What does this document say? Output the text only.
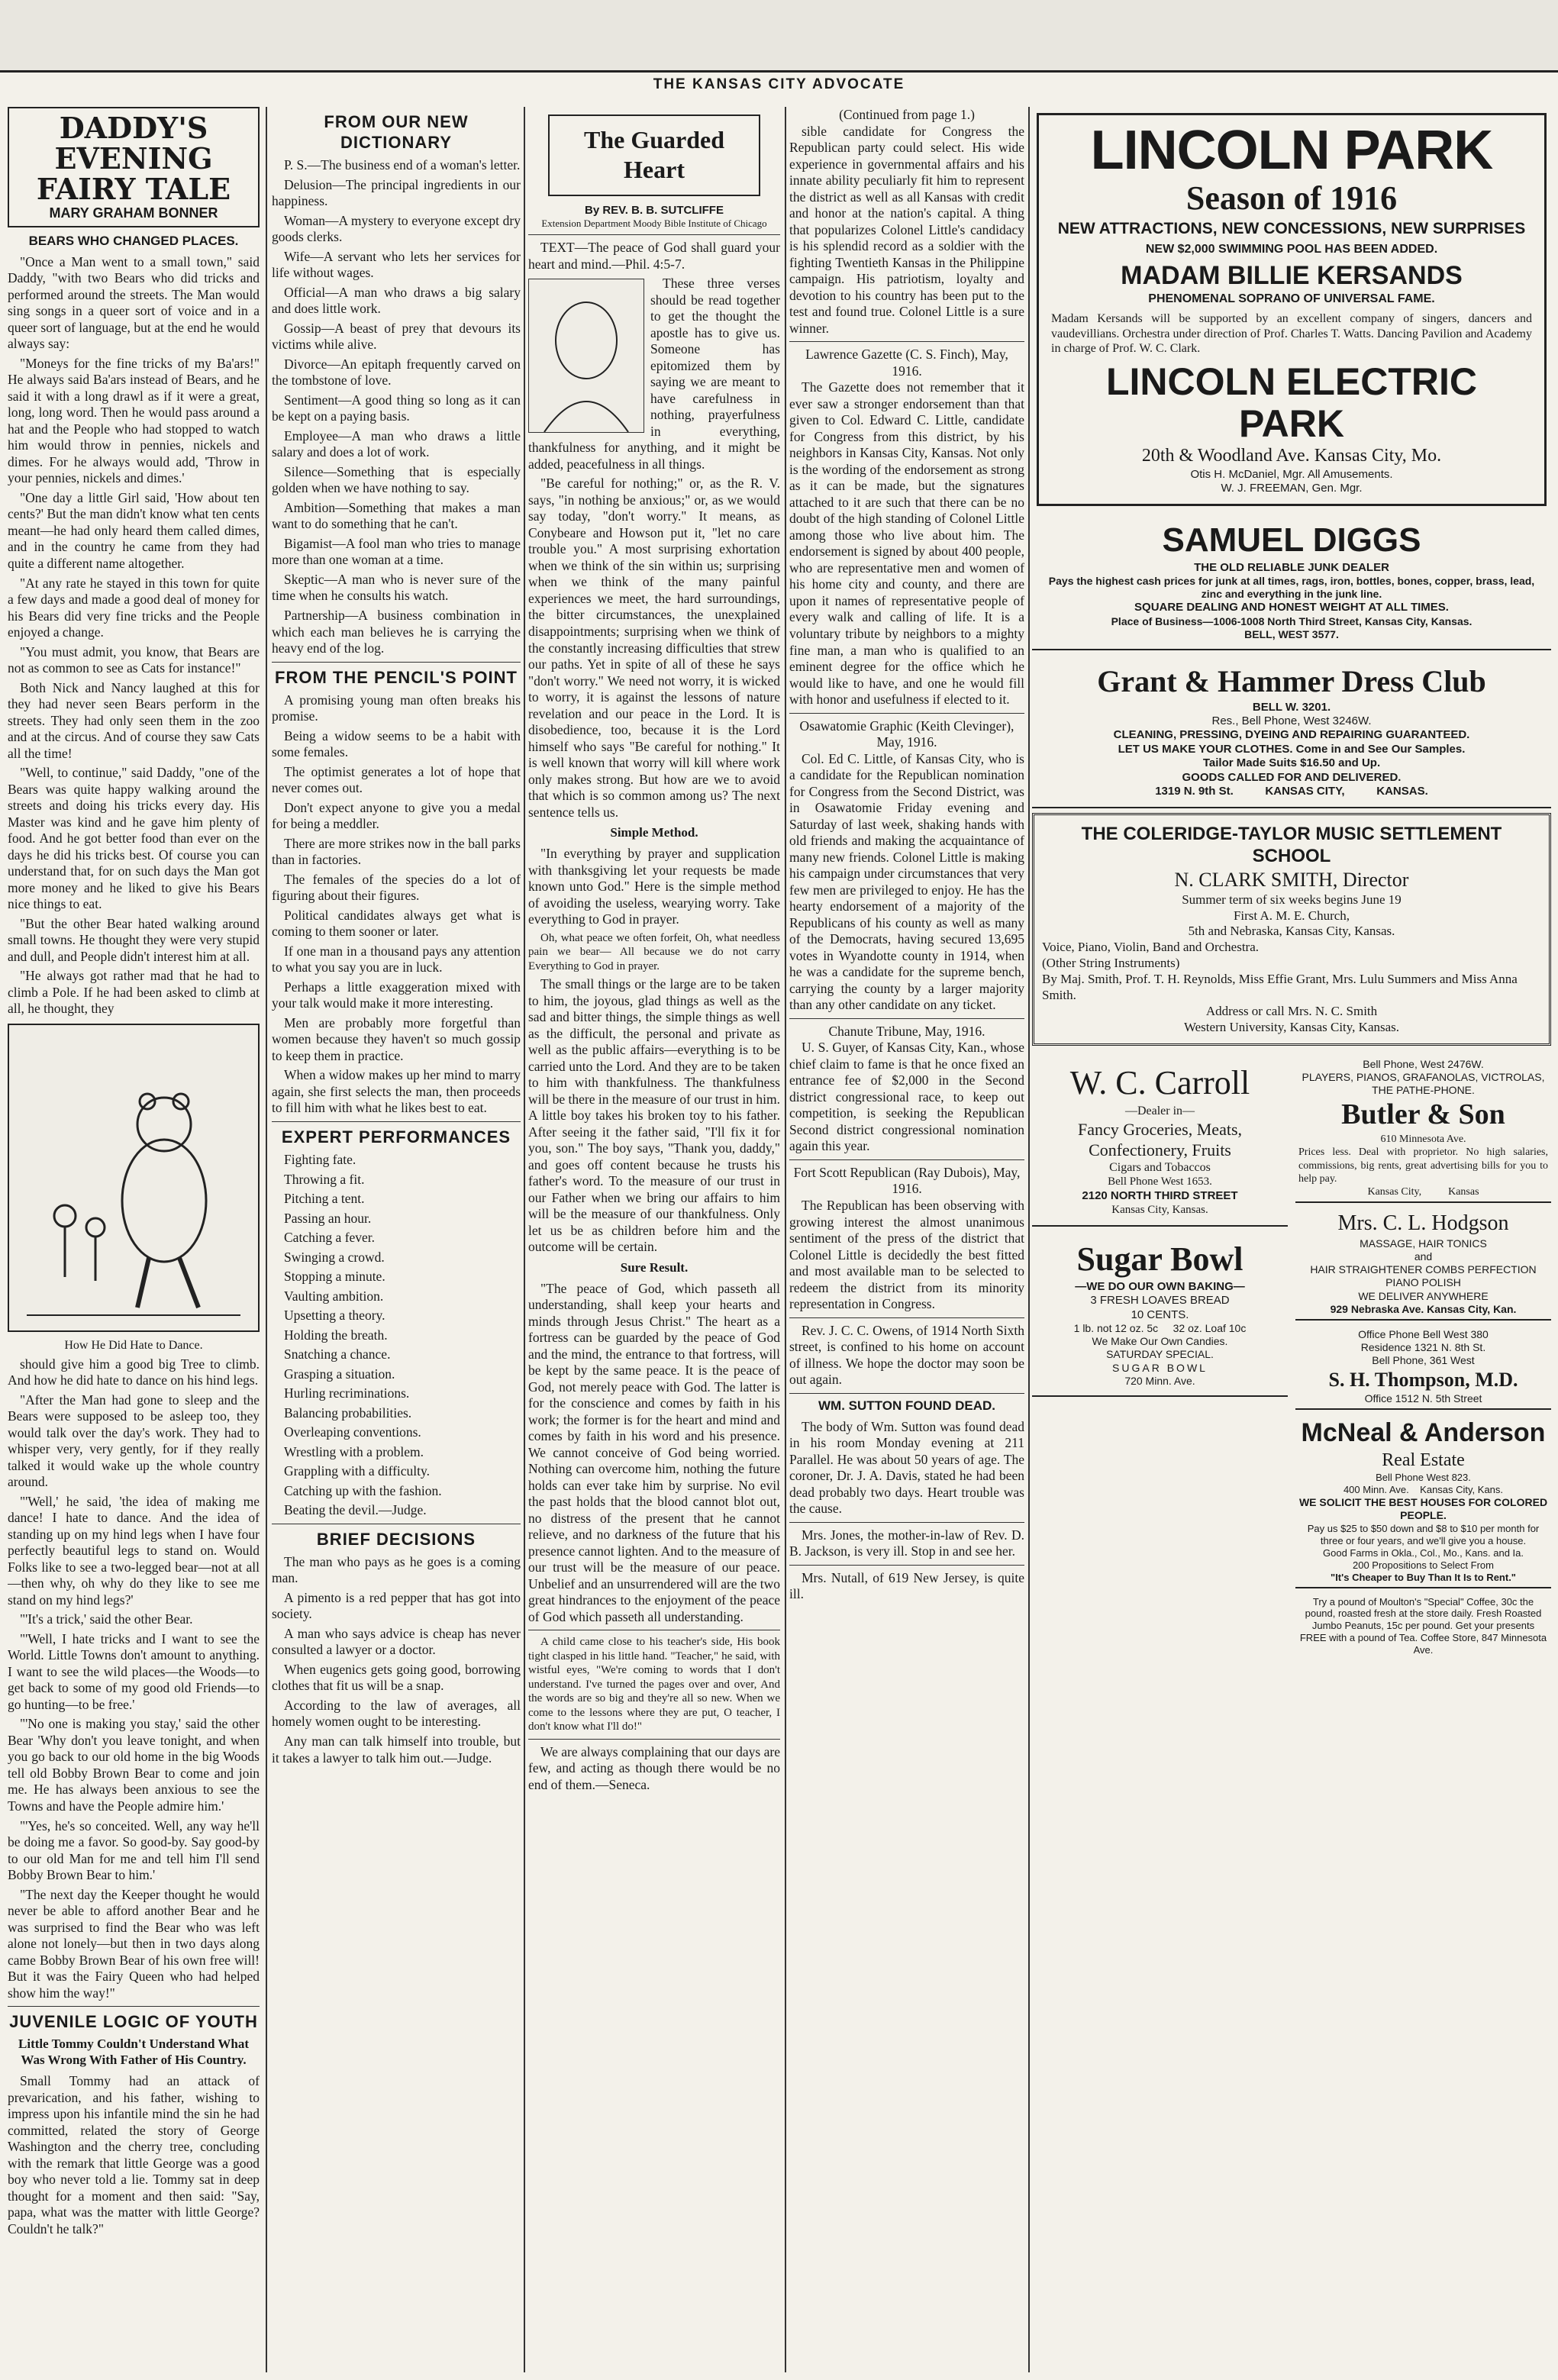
THE KANSAS CITY ADVOCATE
DADDY'S EVENING FAIRY TALE
MARY GRAHAM BONNER
BEARS WHO CHANGED PLACES.

"Once a Man went to a small town," said Daddy, "with two Bears who did tricks and performed around the streets. The Man would sing songs in a queer sort of voice and in a queer sort of language, but at the end he would always say:

"Moneys for the fine tricks of my Ba'ars!" He always said Ba'ars instead of Bears, and he said it with a long drawl as if it were a great, long, long word. Then he would pass around a hat and the People who had stopped to watch him would throw in pennies, nickels and dimes. For he always would add, 'Throw in your pennies, nickels and dimes.'

"One day a little Girl said, 'How about ten cents?' But the man didn't know what ten cents meant—he had only heard them called dimes, and in the country he came from they had quite a different name altogether.

"At any rate he stayed in this town for quite a few days and made a good deal of money for his Bears did very fine tricks and the People enjoyed a change.

"You must admit, you know, that Bears are not as common to see as Cats for instance!"

Both Nick and Nancy laughed at this for they had never seen Bears perform in the streets. They had only seen them in the zoo and at the circus. And of course they saw Cats all the time!

"Well, to continue," said Daddy, "one of the Bears was quite happy walking around the streets and doing his tricks every day. His Master was kind and he gave him plenty of food. And he got better food than ever on the days he did his tricks best. Of course you can understand that, for on such days the Man got more money and he liked to give his Bears nice things to eat.

"But the other Bear hated walking around small towns. He thought they were very stupid and dull, and People didn't interest him at all.

"He always got rather mad that he had to climb a Pole. If he had been asked to climb at all, he thought, they

How He Did Hate to Dance.

should give him a good big Tree to climb. And how he did hate to dance on his hind legs.

"After the Man had gone to sleep and the Bears were supposed to be asleep too, they would talk over the day's work. They had to whisper very, very gently, for if they really talked it would wake up the whole country around.

"'Well,' he said, 'the idea of making me dance! I hate to dance. And the idea of standing up on my hind legs when I have four perfectly beautiful legs to stand on. Would Folks like to see a two-legged bear—not at all—then why, oh why do they like to see me stand on my hind legs?'

"'It's a trick,' said the other Bear.

"'Well, I hate tricks and I want to see the World. Little Towns don't amount to anything. I want to see the wild places—the Woods—to get back to some of my good old Friends—to go hunting—to be free.'

"'No one is making you stay,' said the other Bear 'Why don't you leave tonight, and when you go back to our old home in the big Woods tell old Bobby Brown Bear to come and join me. He has always been anxious to see the Towns and have the People admire him.'

"'Yes, he's so conceited. Well, any way he'll be doing me a favor. So good-by. Say good-by to our old Man for me and tell him I'll send Bobby Brown Bear to him.'

"The next day the Keeper thought he would never be able to afford another Bear and he was surprised to find the Bear who was left alone not lonely—but then in two days along came Bobby Brown Bear of his own free will! But it was the Fairy Queen who had helped show him the way!"

JUVENILE LOGIC OF YOUTH
Little Tommy Couldn't Understand What Was Wrong With Father of His Country.

Small Tommy had an attack of prevarication, and his father, wishing to impress upon his infantile mind the sin he had committed, related the story of George Washington and the cherry tree, concluding with the remark that little George was a good boy who never told a lie. Tommy sat in deep thought for a moment and then said: "Say, papa, what was the matter with little George? Couldn't he talk?"

FROM OUR NEW DICTIONARY

P. S.—The business end of a woman's letter.

Delusion—The principal ingredients in our happiness.

Woman—A mystery to everyone except dry goods clerks.

Wife—A servant who lets her services for life without wages.

Official—A man who draws a big salary and does little work.

Gossip—A beast of prey that devours its victims while alive.

Divorce—An epitaph frequently carved on the tombstone of love.

Sentiment—A good thing so long as it can be kept on a paying basis.

Employee—A man who draws a little salary and does a lot of work.

Silence—Something that is especially golden when we have nothing to say.

Ambition—Something that makes a man want to do something that he can't.

Bigamist—A fool man who tries to manage more than one woman at a time.

Skeptic—A man who is never sure of the time when he consults his watch.

Partnership—A business combination in which each man believes he is carrying the heavy end of the log.

FROM THE PENCIL'S POINT

A promising young man often breaks his promise.

Being a widow seems to be a habit with some females.

The optimist generates a lot of hope that never comes out.

Don't expect anyone to give you a medal for being a meddler.

There are more strikes now in the ball parks than in factories.

The females of the species do a lot of figuring about their figures.

Political candidates always get what is coming to them sooner or later.

If one man in a thousand pays any attention to what you say you are in luck.

Perhaps a little exaggeration mixed with your talk would make it more interesting.

Men are probably more forgetful than women because they haven't so much gossip to keep them in practice.

When a widow makes up her mind to marry again, she first selects the man, then proceeds to fill him with what he likes best to eat.

EXPERT PERFORMANCES

Fighting fate.

Throwing a fit.

Pitching a tent.

Passing an hour.

Catching a fever.

Swinging a crowd.

Stopping a minute.

Vaulting ambition.

Upsetting a theory.

Holding the breath.

Snatching a chance.

Grasping a situation.

Hurling recriminations.

Balancing probabilities.

Overleaping conventions.

Wrestling with a problem.

Grappling with a difficulty.

Catching up with the fashion.

Beating the devil.—Judge.

BRIEF DECISIONS

The man who pays as he goes is a coming man.

A pimento is a red pepper that has got into society.

A man who says advice is cheap has never consulted a lawyer or a doctor.

When eugenics gets going good, borrowing clothes that fit us will be a snap.

According to the law of averages, all homely women ought to be interesting.

Any man can talk himself into trouble, but it takes a lawyer to talk him out.—Judge.

The Guarded Heart
By REV. B. B. SUTCLIFFE
Extension Department Moody Bible Institute of Chicago

TEXT—The peace of God shall guard your heart and mind.—Phil. 4:5-7.

These three verses should be read together to get the thought the apostle has to give us. Someone has epitomized them by saying we are meant to have carefulness in nothing, prayerfulness in everything, thankfulness for anything, and it might be added, peacefulness in all things.

"Be careful for nothing;" or, as the R. V. says, "in nothing be anxious;" or, as we would say today, "don't worry." It means, as Conybeare and Howson put it, "let no care trouble you." A most surprising exhortation when we think of the sin within us; surprising when we think of the many painful experiences we meet, the hard surroundings, the bitter circumstances, the unexplained disappointments; surprising when we think of the constantly increasing difficulties that strew our paths. Yet in spite of all of these he says "don't worry." We need not worry, it is wicked to worry, it is against the lessons of nature revelation and our peace in the Lord. It is disobedience, too, because it is the Lord himself who says "Be careful for nothing." It is well known that worry will kill where work only makes strong. But how are we to avoid that which is so common among us? The next sentence tells us.

Simple Method.

"In everything by prayer and supplication with thanksgiving let your requests be made known unto God." Here is the simple method of avoiding the useless, wearying worry. Take everything to God in prayer.

Oh, what peace we often forfeit, Oh, what needless pain we bear— All because we do not carry Everything to God in prayer.

The small things or the large are to be taken to him, the joyous, glad things as well as the sad and bitter things, the simple things as well as the difficult, the personal and private as well as the public affairs—everything is to be carried unto the Lord. And they are to be taken to him with thankfulness. The thankfulness will be there in the measure of our trust in him. A little boy takes his broken toy to his father. After seeing it the father said, "I'll fix it for you, son." The boy says, "Thank you, daddy," and goes off content because he trusts his father's word. To the measure of our trust in our Father when we bring our affairs to him will be the measure of our thankfulness. Only let us be as children before him and the outcome will be certain.

Sure Result.

"The peace of God, which passeth all understanding, shall keep your hearts and minds through Jesus Christ." The heart as a fortress can be guarded by the peace of God and the mind, the entrance to that fortress, will be kept by the same peace. It is the peace of God, not merely peace with God. The latter is for the conscience and comes by faith in his work; the former is for the heart and mind and comes by faith in his word and his presence. We cannot conceive of God being worried. Nothing can overcome him, nothing the future holds can ever take him by surprise. No evil the past holds that the blood cannot blot out, no distress of the present that he cannot relieve, and no darkness of the future that his presence cannot lighten. And to the measure of our trust will be the measure of our peace. Unbelief and an unsurrendered will are the two great hindrances to the enjoyment of the peace of God which passeth all understanding.

A child came close to his teacher's side, His book tight clasped in his little hand. "Teacher," he said, with wistful eyes, "We're coming to words that I don't understand. I've turned the pages over and over, And the words are so big and they're all so new. When we come to the lessons where they are put, O teacher, I don't know what I'll do!"

We are always complaining that our days are few, and acting as though there would be no end of them.—Seneca.

(Continued from page 1.)

sible candidate for Congress the Republican party could select. His wide experience in governmental affairs and his innate ability peculiarly fit him to represent the district as well as all Kansas with credit and honor at the nation's capital. A thing that popularizes Colonel Little's candidacy is his splendid record as a soldier with the fighting Twentieth Kansas in the Philippine campaign. His patriotism, loyalty and devotion to his country has been put to the test and found true. Colonel Little is a sure winner.

Lawrence Gazette (C. S. Finch), May, 1916.

The Gazette does not remember that it ever saw a stronger endorsement than that given to Col. Edward C. Little, candidate for Congress from this district, by his neighbors in Kansas City, Kansas. Not only is the wording of the endorsement as strong as it can be made, but the signatures attached to it are such that there can be no doubt of the high standing of Colonel Little among those who live about him. The endorsement is signed by about 400 people, who are representative men and women of his home city and county, and there are upon it names of representative people of every walk and calling of life. It is a voluntary tribute by neighbors to a mighty fine man, a man who is qualified to an eminent degree for the office which he would like to have, and one he would fill with honor and usefulness if elected to it.

Osawatomie Graphic (Keith Clevinger), May, 1916.

Col. Ed C. Little, of Kansas City, who is a candidate for the Republican nomination for Congress from the Second District, was in Osawatomie Friday evening and Saturday of last week, shaking hands with old friends and making the acquaintance of many new friends. Colonel Little is making his campaign under circumstances that very few men are privileged to enjoy. He has the hearty endorsement of a majority of the Republicans of his county as well as many of the Democrats, having secured 13,695 votes in Wyandotte county in 1914, when he was a candidate for the supreme bench, carrying the county by a larger majority than any other candidate on any ticket.

Chanute Tribune, May, 1916.

U. S. Guyer, of Kansas City, Kan., whose chief claim to fame is that he once fixed an entrance fee of $2,000 in the Second district congressional race, to keep out competition, is seeking the Republican Second district congressional nomination again this year.

Fort Scott Republican (Ray Dubois), May, 1916.

The Republican has been observing with growing interest the almost unanimous sentiment of the press of the district that Colonel Little is decidedly the best fitted and most available man to be selected to redeem the district from its minority representation in Congress.

Rev. J. C. C. Owens, of 1914 North Sixth street, is confined to his home on account of illness. We hope the doctor may soon be out again.

WM. SUTTON FOUND DEAD.

The body of Wm. Sutton was found dead in his room Monday evening at 211 Parallel. He was about 50 years of age. The coroner, Dr. J. A. Davis, stated he had been dead probably two days. Heart trouble was the cause.

Mrs. Jones, the mother-in-law of Rev. D. B. Jackson, is very ill. Stop in and see her.

Mrs. Nutall, of 619 New Jersey, is quite ill.

LINCOLN PARK
Season of 1916
NEW ATTRACTIONS, NEW CONCESSIONS, NEW SURPRISES
NEW $2,000 SWIMMING POOL HAS BEEN ADDED.
MADAM BILLIE KERSANDS
PHENOMENAL SOPRANO OF UNIVERSAL FAME.
Madam Kersands will be supported by an excellent company of singers, dancers and vaudevillians. Orchestra under direction of Prof. Charles T. Watts. Dancing Pavilion and Academy in charge of Prof. W. C. Clark.
LINCOLN ELECTRIC PARK
20th & Woodland Ave. Kansas City, Mo.
Otis H. McDaniel, Mgr. All Amusements.
W. J. FREEMAN, Gen. Mgr.
SAMUEL DIGGS
THE OLD RELIABLE JUNK DEALER
Pays the highest cash prices for junk at all times, rags, iron, bottles, bones, copper, brass, lead, zinc and everything in the junk line.
SQUARE DEALING AND HONEST WEIGHT AT ALL TIMES.
Place of Business—1006-1008 North Third Street, Kansas City, Kansas.
BELL, WEST 3577.
Grant & Hammer Dress Club
BELL W. 3201.
Res., Bell Phone, West 3246W.
CLEANING, PRESSING, DYEING AND REPAIRING GUARANTEED.
LET US MAKE YOUR CLOTHES. Come in and See Our Samples.
Tailor Made Suits $16.50 and Up.
GOODS CALLED FOR AND DELIVERED.
1319 N. 9th St.          KANSAS CITY,          KANSAS.
THE COLERIDGE-TAYLOR MUSIC SETTLEMENT SCHOOL
N. CLARK SMITH, Director
Summer term of six weeks begins June 19
First A. M. E. Church,
5th and Nebraska, Kansas City, Kansas.
Voice, Piano, Violin, Band and Orchestra.
(Other String Instruments)
By Maj. Smith, Prof. T. H. Reynolds, Miss Effie Grant, Mrs. Lulu Summers and Miss Anna Smith.
Address or call Mrs. N. C. Smith
Western University, Kansas City, Kansas.
W. C. Carroll
—Dealer in—
Fancy Groceries, Meats, Confectionery, Fruits
Cigars and Tobaccos
Bell Phone West 1653.
2120 NORTH THIRD STREET
Kansas City, Kansas.
Sugar Bowl
—WE DO OUR OWN BAKING—
3 FRESH LOAVES BREAD
10 CENTS.
1 lb. not 12 oz. 5c     32 oz. Loaf 10c
We Make Our Own Candies.
SATURDAY SPECIAL.
SUGAR BOWL
720 Minn. Ave.
Bell Phone, West 2476W.
PLAYERS, PIANOS, GRAFANOLAS, VICTROLAS, THE PATHE-PHONE.
Butler & Son
610 Minnesota Ave.
Prices less. Deal with proprietor. No high salaries, commissions, big rents, great advertising bills for you to help pay.
Kansas City,          Kansas
Mrs. C. L. Hodgson
MASSAGE, HAIR TONICS
and
HAIR STRAIGHTENER COMBS PERFECTION PIANO POLISH
WE DELIVER ANYWHERE
929 Nebraska Ave. Kansas City, Kan.
Office Phone Bell West 380
Residence 1321 N. 8th St.
Bell Phone, 361 West
S. H. Thompson, M.D.
Office 1512 N. 5th Street
McNeal & Anderson
Real Estate
Bell Phone West 823.
400 Minn. Ave.    Kansas City, Kans.
WE SOLICIT THE BEST HOUSES FOR COLORED PEOPLE.
Pay us $25 to $50 down and $8 to $10 per month for three or four years, and we'll give you a house.
Good Farms in Okla., Col., Mo., Kans. and Ia.
200 Propositions to Select From
"It's Cheaper to Buy Than It Is to Rent."
Try a pound of Moulton's "Special" Coffee, 30c the pound, roasted fresh at the store daily. Fresh Roasted Jumbo Peanuts, 15c per pound. Get your presents FREE with a pound of Tea. Coffee Store, 847 Minnesota Ave.
